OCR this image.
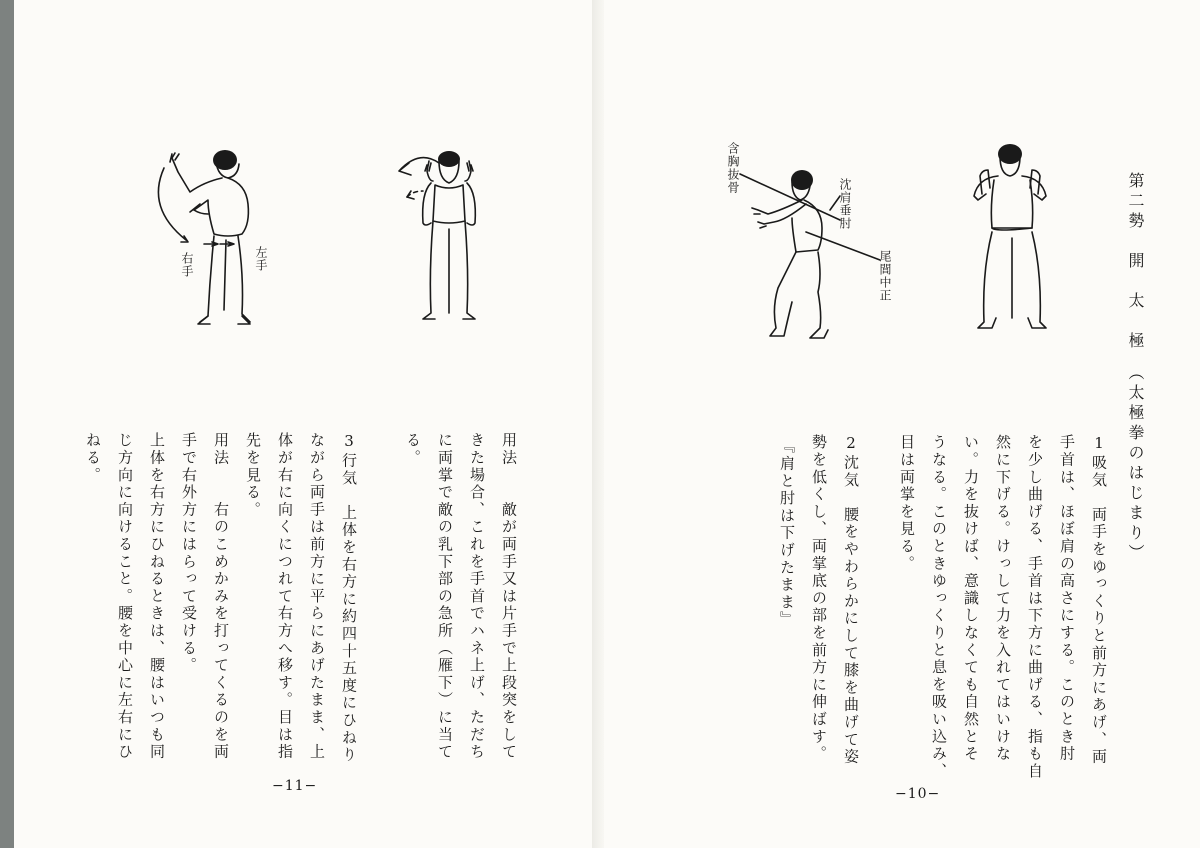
左手
右手
用法　　敵が両手又は片手で上段突をして
きた場合、これを手首でハネ上げ、ただち
に両掌で敵の乳下部の急所（雁下）に当て
る。
3行気　上体を右方に約四十五度にひねり
ながら両手は前方に平らにあげたまま、上
体が右に向くにつれて右方へ移す。目は指
先を見る。
用法　　右のこめかみを打ってくるのを両
手で右外方にはらって受ける。
上体を右方にひねるときは、腰はいつも同
じ方向に向けること。腰を中心に左右にひ
ねる。
−11−
含胸抜骨
沈肩垂肘
尾閭中正	第二勢　開　太　極　（太極拳のはじまり）
1吸気　両手をゆっくりと前方にあげ、両
手首は、ほぼ肩の高さにする。このとき肘
を少し曲げる、手首は下方に曲げる、指も自
然に下げる。けっして力を入れてはいけな
い。力を抜けば、意識しなくても自然とそ
うなる。このときゆっくりと息を吸い込み、
目は両掌を見る。
2沈気　腰をやわらかにして膝を曲げて姿
勢を低くし、両掌底の部を前方に伸ばす。
『肩と肘は下げたまま』
−10−
